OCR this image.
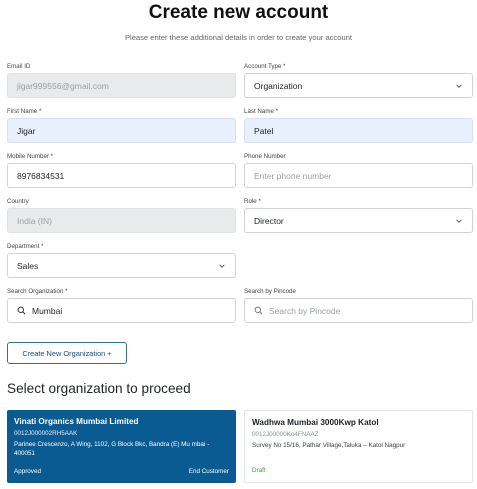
Create new account
Please enter these additional details in order to create your account
Email ID
jigar999556@gmail.com
Account Type *
Organization
First Name *
Jigar
Last Name *
Patel
Mobile Number *
8976834531
Phone Number
Enter phone number
Country
India (IN)
Role *
Director
Department *
Sales
Search Organization *
Mumbai
Search by Pincode
Search by Pincode
Create New Organization +
Select organization to proceed
Vinati Organics Mumbai Limited
0012J000002RH5AAK
Parinee Crescenzo, A Wing, 1102, G Block Bkc, Bandra (E) Mu mbai - 400051
Approved	End Customer
Wadhwa Mumbai 3000Kwp Katol
0012J00000Ko4FNAAZ
Survey No 15/16, Pathar Village,Taluka – Katol Nagpur
Draft
